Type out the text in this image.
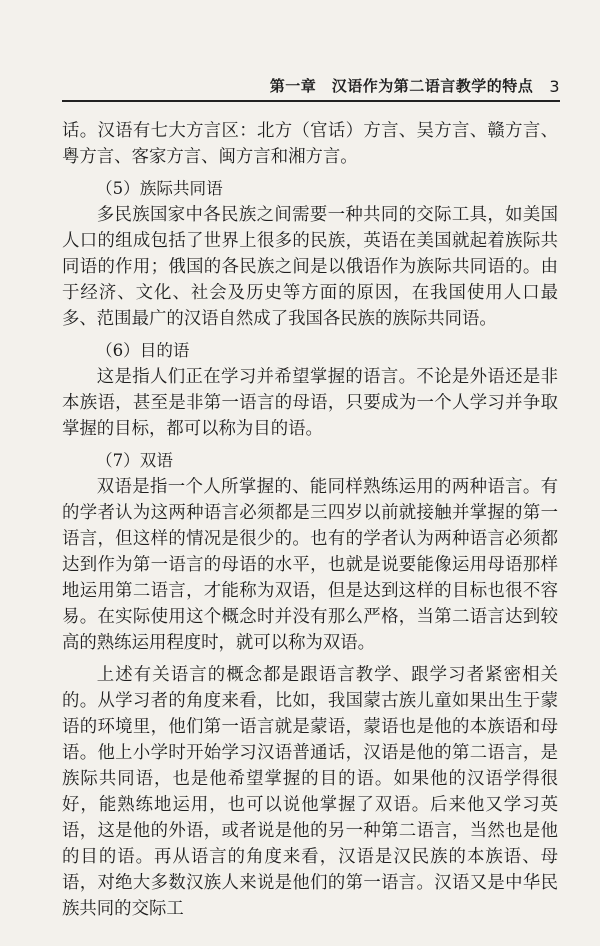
第一章　汉语作为第二语言教学的特点 3

话。汉语有七大方言区：北方（官话）方言、吴方言、赣方言、粤方言、客家方言、闽方言和湘方言。

（5）族际共同语

多民族国家中各民族之间需要一种共同的交际工具，如美国人口的组成包括了世界上很多的民族，英语在美国就起着族际共同语的作用；俄国的各民族之间是以俄语作为族际共同语的。由于经济、文化、社会及历史等方面的原因，在我国使用人口最多、范围最广的汉语自然成了我国各民族的族际共同语。

（6）目的语

这是指人们正在学习并希望掌握的语言。不论是外语还是非本族语，甚至是非第一语言的母语，只要成为一个人学习并争取掌握的目标，都可以称为目的语。

（7）双语

双语是指一个人所掌握的、能同样熟练运用的两种语言。有的学者认为这两种语言必须都是三四岁以前就接触并掌握的第一语言，但这样的情况是很少的。也有的学者认为两种语言必须都达到作为第一语言的母语的水平，也就是说要能像运用母语那样地运用第二语言，才能称为双语，但是达到这样的目标也很不容易。在实际使用这个概念时并没有那么严格，当第二语言达到较高的熟练运用程度时，就可以称为双语。

上述有关语言的概念都是跟语言教学、跟学习者紧密相关的。从学习者的角度来看，比如，我国蒙古族儿童如果出生于蒙语的环境里，他们第一语言就是蒙语，蒙语也是他的本族语和母语。他上小学时开始学习汉语普通话，汉语是他的第二语言，是族际共同语，也是他希望掌握的目的语。如果他的汉语学得很好，能熟练地运用，也可以说他掌握了双语。后来他又学习英语，这是他的外语，或者说是他的另一种第二语言，当然也是他的目的语。再从语言的角度来看，汉语是汉民族的本族语、母语，对绝大多数汉族人来说是他们的第一语言。汉语又是中华民族共同的交际工
